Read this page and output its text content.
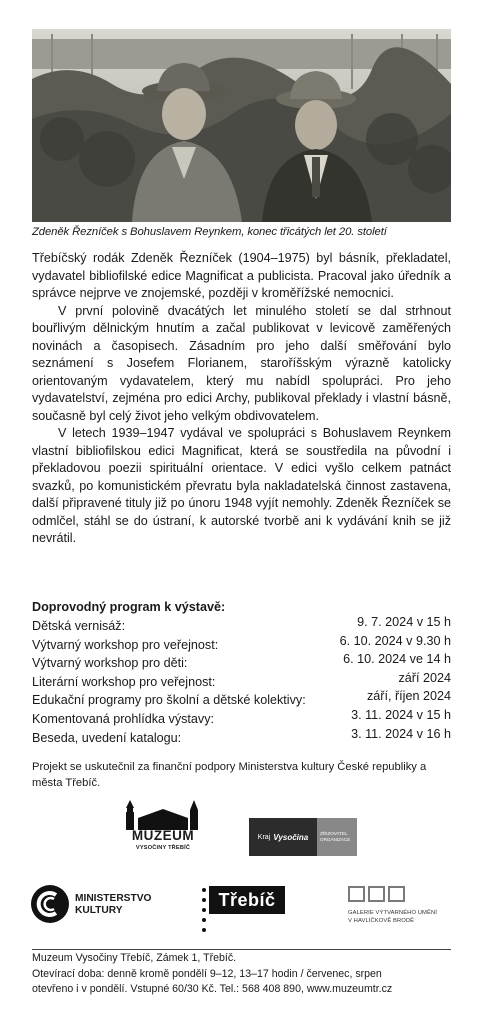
Zdeněk Řezníček s Bohuslavem Reynkem, konec třicátých let 20. století

Třebíčský rodák Zdeněk Řezníček (1904–1975) byl básník, překladatel, vydavatel bibliofilské edice Magnificat a publicista. Pracoval jako úředník a správce nejprve ve znojemské, později v kroměřížské nemocnici.

V první polovině dvacátých let minulého století se dal strhnout bouřlivým dělnickým hnutím a začal publikovat v levicově zaměřených novinách a časopisech. Zásadním pro jeho další směřování bylo seznámení s Josefem Florianem, staroříšským výrazně katolicky orientovaným vydavatelem, který mu nabídl spolupráci. Pro jeho vydavatelství, zejména pro edici Archy, publikoval překlady i vlastní básně, současně byl celý život jeho velkým obdivovatelem.

V letech 1939–1947 vydával ve spolupráci s Bohuslavem Reynkem vlastní bibliofilskou edici Magnificat, která se soustředila na původní i překladovou poezii spirituální orientace. V edici vyšlo celkem patnáct svazků, po komunistickém převratu byla nakladatelská činnost zastavena, další připravené tituly již po únoru 1948 vyjít nemohly. Zdeněk Řezníček se odmlčel, stáhl se do ústraní, k autorské tvorbě ani k vydávání knih se již nevrátil.

Doprovodný program k výstavě:
Dětská vernisáž:	9. 7. 2024 v 15 h
Výtvarný workshop pro veřejnost:	6. 10. 2024 v 9.30 h
Výtvarný workshop pro děti:	6. 10. 2024 ve 14 h
Literární workshop pro veřejnost:	září 2024
Edukační programy pro školní a dětské kolektivy:	září, říjen 2024
Komentovaná prohlídka výstavy:	3. 11. 2024 v 15 h
Beseda, uvedení katalogu:	3. 11. 2024 v 16 h
Projekt se uskutečnil za finanční podpory Ministerstva kultury České republiky a města Třebíč.
MUZEUM
VYSOČINY TŘEBÍČ
Kraj Vysočina	ZŘIZOVATEL
ORGANIZACE
MINISTERSTVO
KULTURY
Třebíč
GALERIE VÝTVARNÉHO UMĚNÍ
V HAVLÍČKOVĚ BRODĚ
Muzeum Vysočiny Třebíč, Zámek 1, Třebíč.
Otevírací doba: denně kromě pondělí 9–12, 13–17 hodin / červenec, srpen
otevřeno i v pondělí. Vstupné 60/30 Kč. Tel.: 568 408 890, www.muzeumtr.cz
